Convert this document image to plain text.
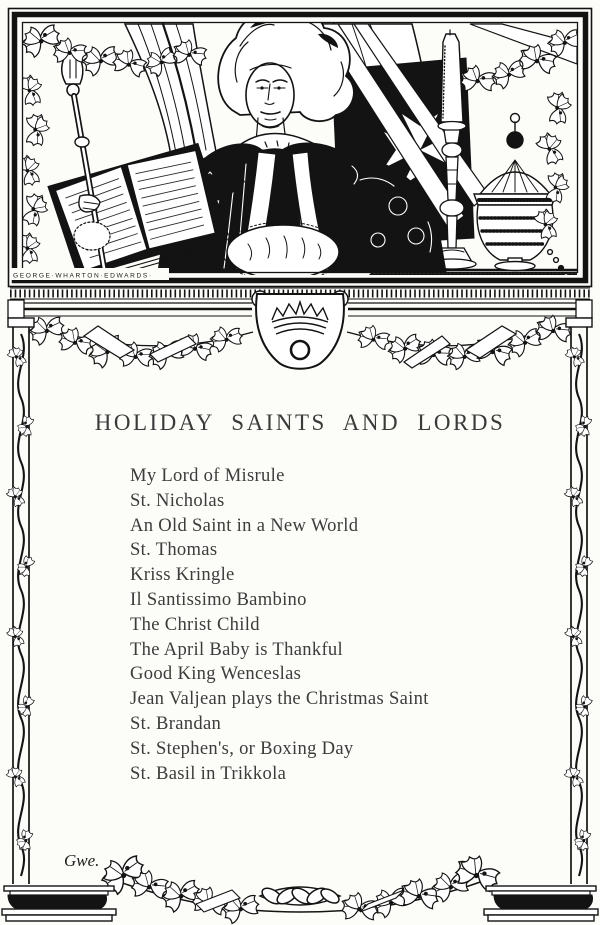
GEORGE·WHARTON·EDWARDS·
Gwe.
HOLIDAY SAINTS AND LORDS
My Lord of Misrule
St. Nicholas
An Old Saint in a New World
St. Thomas
Kriss Kringle
Il Santissimo Bambino
The Christ Child
The April Baby is Thankful
Good King Wenceslas
Jean Valjean plays the Christmas Saint
St. Brandan
St. Stephen's, or Boxing Day
St. Basil in Trikkola
